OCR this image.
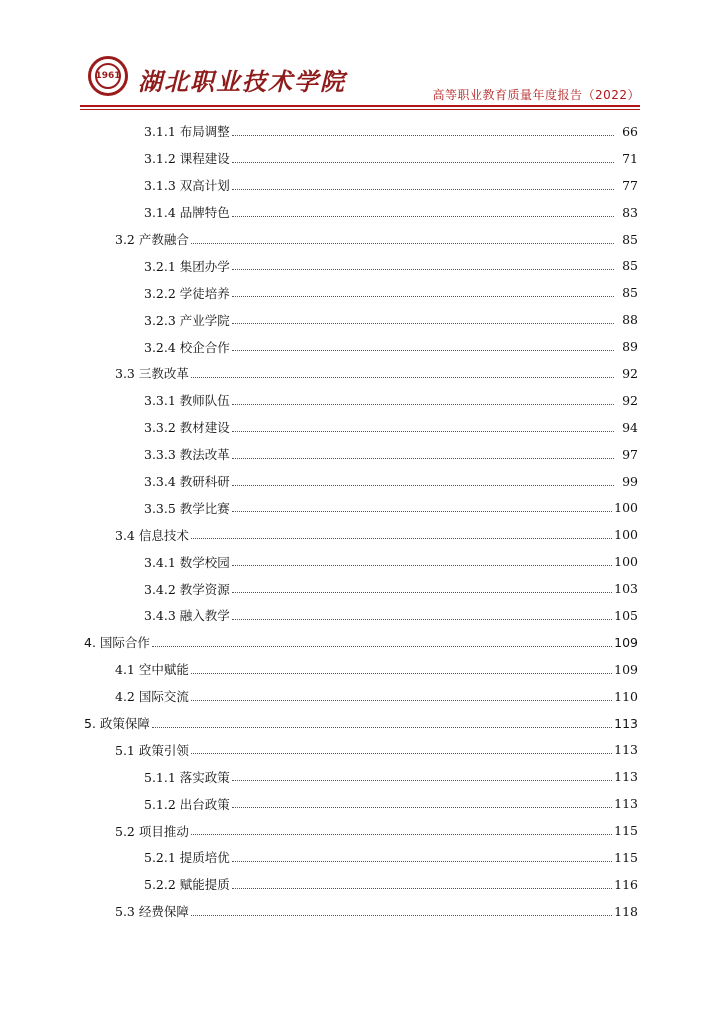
1961 湖北职业技术学院	高等职业教育质量年度报告（2022）
3.1.1 布局调整	66
3.1.2 课程建设	71
3.1.3 双高计划	77
3.1.4 品牌特色	83
3.2 产教融合	85
3.2.1 集团办学	85
3.2.2 学徒培养	85
3.2.3 产业学院	88
3.2.4 校企合作	89
3.3 三教改革	92
3.3.1 教师队伍	92
3.3.2 教材建设	94
3.3.3 教法改革	97
3.3.4 教研科研	99
3.3.5 教学比赛	100
3.4 信息技术	100
3.4.1 数学校园	100
3.4.2 教学资源	103
3.4.3 融入教学	105
4. 国际合作	109
4.1 空中赋能	109
4.2 国际交流	110
5. 政策保障	113
5.1 政策引领	113
5.1.1 落实政策	113
5.1.2 出台政策	113
5.2 项目推动	115
5.2.1 提质培优	115
5.2.2 赋能提质	116
5.3 经费保障	118
